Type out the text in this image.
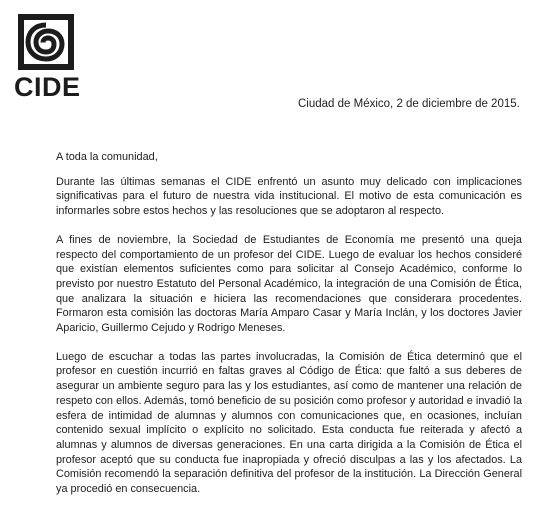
CIDE
Ciudad de México, 2 de diciembre de 2015.

A toda la comunidad,

Durante las últimas semanas el CIDE enfrentó un asunto muy delicado con implicaciones significativas para el futuro de nuestra vida institucional. El motivo de esta comunicación es informarles sobre estos hechos y las resoluciones que se adoptaron al respecto.

A fines de noviembre, la Sociedad de Estudiantes de Economía me presentó una queja respecto del comportamiento de un profesor del CIDE. Luego de evaluar los hechos consideré que existían elementos suficientes como para solicitar al Consejo Académico, conforme lo previsto por nuestro Estatuto del Personal Académico, la integración de una Comisión de Ética, que analizara la situación e hiciera las recomendaciones que considerara procedentes. Formaron esta comisión las doctoras María Amparo Casar y María Inclán, y los doctores Javier Aparicio, Guillermo Cejudo y Rodrigo Meneses.

Luego de escuchar a todas las partes involucradas, la Comisión de Ética determinó que el profesor en cuestión incurrió en faltas graves al Código de Ética: que faltó a sus deberes de asegurar un ambiente seguro para las y los estudiantes, así como de mantener una relación de respeto con ellos. Además, tomó beneficio de su posición como profesor y autoridad e invadió la esfera de intimidad de alumnas y alumnos con comunicaciones que, en ocasiones, incluían contenido sexual implícito o explícito no solicitado. Esta conducta fue reiterada y afectó a alumnas y alumnos de diversas generaciones. En una carta dirigida a la Comisión de Ética el profesor aceptó que su conducta fue inapropiada y ofreció disculpas a las y los afectados. La Comisión recomendó la separación definitiva del profesor de la institución. La Dirección General ya procedió en consecuencia.
